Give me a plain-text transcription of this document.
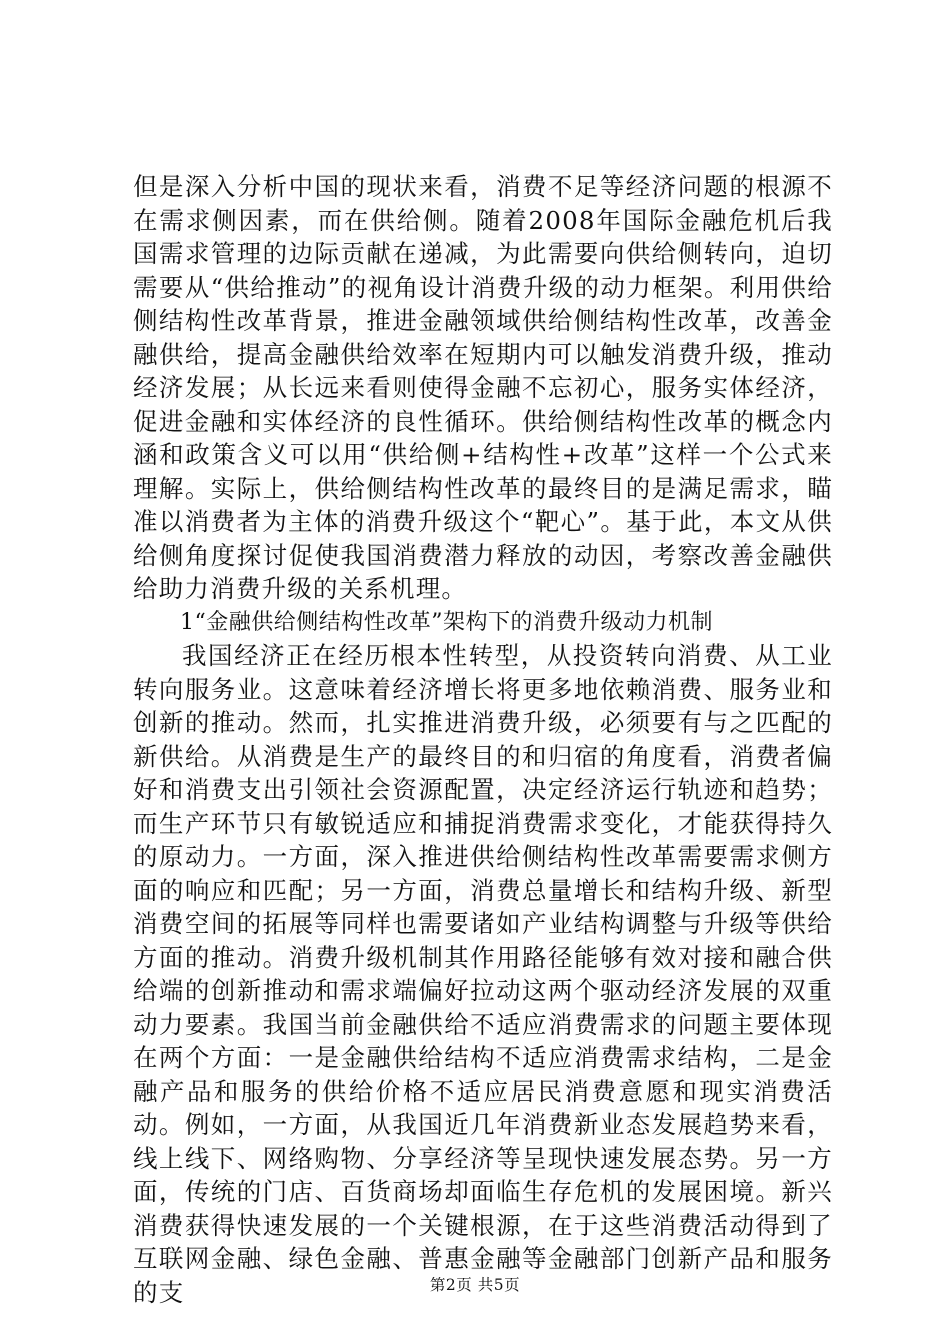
但是深入分析中国的现状来看，消费不足等经济问题的根源不在需求侧因素，而在供给侧。随着2008年国际金融危机后我国需求管理的边际贡献在递减，为此需要向供给侧转向，迫切需要从“供给推动”的视角设计消费升级的动力框架。利用供给侧结构性改革背景，推进金融领域供给侧结构性改革，改善金融供给，提高金融供给效率在短期内可以触发消费升级，推动经济发展；从长远来看则使得金融不忘初心，服务实体经济，促进金融和实体经济的良性循环。供给侧结构性改革的概念内涵和政策含义可以用“供给侧+结构性+改革”这样一个公式来理解。实际上，供给侧结构性改革的最终目的是满足需求，瞄准以消费者为主体的消费升级这个“靶心”。基于此，本文从供给侧角度探讨促使我国消费潜力释放的动因，考察改善金融供给助力消费升级的关系机理。

1“金融供给侧结构性改革”架构下的消费升级动力机制

我国经济正在经历根本性转型，从投资转向消费、从工业转向服务业。这意味着经济增长将更多地依赖消费、服务业和创新的推动。然而，扎实推进消费升级，必须要有与之匹配的新供给。从消费是生产的最终目的和归宿的角度看，消费者偏好和消费支出引领社会资源配置，决定经济运行轨迹和趋势；而生产环节只有敏锐适应和捕捉消费需求变化，才能获得持久的原动力。一方面，深入推进供给侧结构性改革需要需求侧方面的响应和匹配；另一方面，消费总量增长和结构升级、新型消费空间的拓展等同样也需要诸如产业结构调整与升级等供给方面的推动。消费升级机制其作用路径能够有效对接和融合供给端的创新推动和需求端偏好拉动这两个驱动经济发展的双重动力要素。我国当前金融供给不适应消费需求的问题主要体现在两个方面：一是金融供给结构不适应消费需求结构，二是金融产品和服务的供给价格不适应居民消费意愿和现实消费活动。例如，一方面，从我国近几年消费新业态发展趋势来看，线上线下、网络购物、分享经济等呈现快速发展态势。另一方面，传统的门店、百货商场却面临生存危机的发展困境。新兴消费获得快速发展的一个关键根源，在于这些消费活动得到了互联网金融、绿色金融、普惠金融等金融部门创新产品和服务的支	第2页 共5页
